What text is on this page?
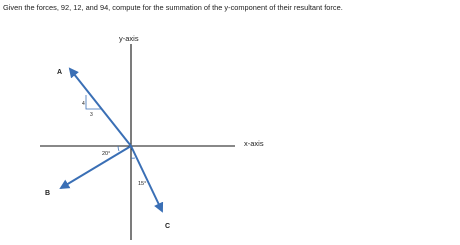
Given the forces, 92, 12, and 94, compute for the summation of the y-component of their resultant force.
y-axis
x-axis
4
3
20°
15°
A
B
C
